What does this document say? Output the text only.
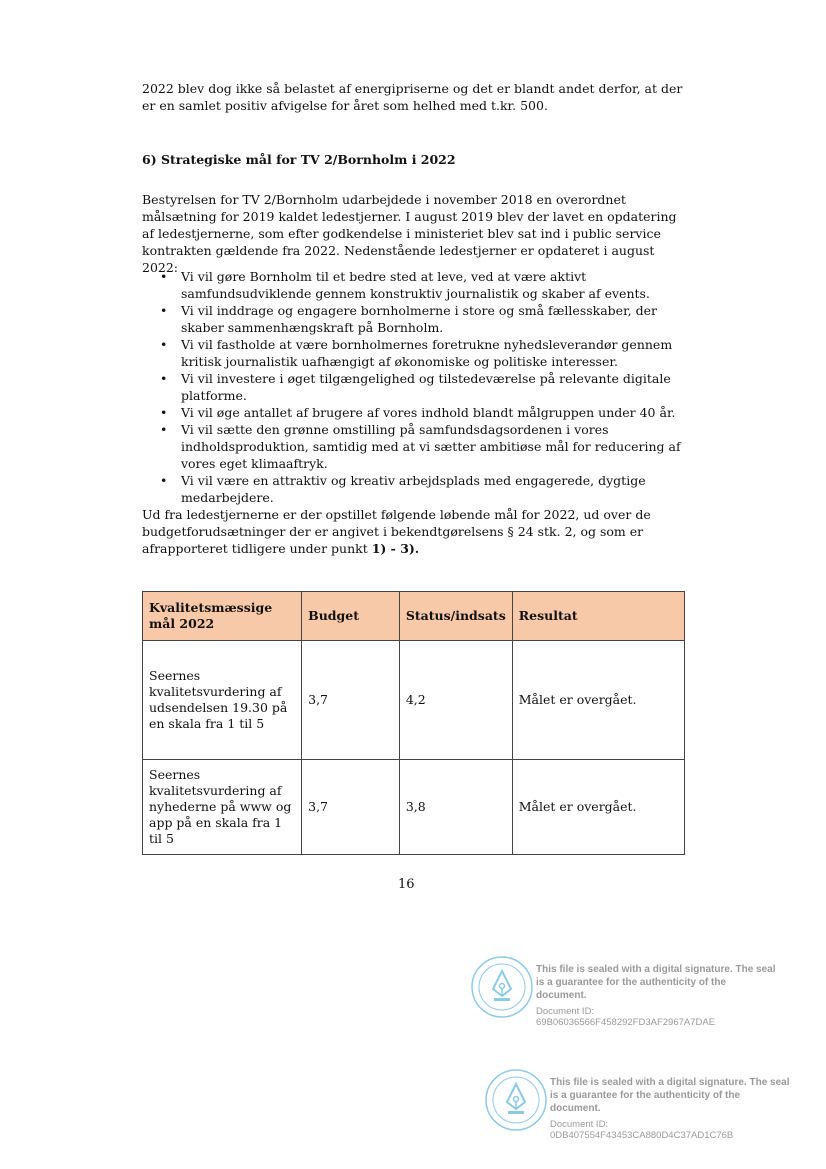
2022 blev dog ikke så belastet af energipriserne og det er blandt andet derfor, at der er en samlet positiv afvigelse for året som helhed med t.kr. 500.

6) Strategiske mål for TV 2/Bornholm i 2022

Bestyrelsen for TV 2/Bornholm udarbejdede i november 2018 en overordnet målsætning for 2019 kaldet ledestjerner. I august 2019 blev der lavet en opdatering af ledestjernerne, som efter godkendelse i ministeriet blev sat ind i public service kontrakten gældende fra 2022. Nedenstående ledestjerner er opdateret i august 2022:

• Vi vil gøre Bornholm til et bedre sted at leve, ved at være aktivt samfundsudviklende gennem konstruktiv journalistik og skaber af events.
• Vi vil inddrage og engagere bornholmerne i store og små fællesskaber, der skaber sammenhængskraft på Bornholm.
• Vi vil fastholde at være bornholmernes foretrukne nyhedsleverandør gennem kritisk journalistik uafhængigt af økonomiske og politiske interesser.
• Vi vil investere i øget tilgængelighed og tilstedeværelse på relevante digitale platforme.
• Vi vil øge antallet af brugere af vores indhold blandt målgruppen under 40 år.
• Vi vil sætte den grønne omstilling på samfundsdagsordenen i vores indholdsproduktion, samtidig med at vi sætter ambitiøse mål for reducering af vores eget klimaaftryk.
• Vi vil være en attraktiv og kreativ arbejdsplads med engagerede, dygtige medarbejdere.

Ud fra ledestjernerne er der opstillet følgende løbende mål for 2022, ud over de budgetforudsætninger der er angivet i bekendtgørelsens § 24 stk. 2, og som er afrapporteret tidligere under punkt 1) - 3).

Kvalitetsmæssige mål 2022	Budget	Status/indsats	Resultat
Seernes kvalitetsvurdering af udsendelsen 19.30 på en skala fra 1 til 5	3,7	4,2	Målet er overgået.
Seernes kvalitetsvurdering af nyhederne på www og app på en skala fra 1 til 5	3,7	3,8	Målet er overgået.
16
This file is sealed with a digital signature. The seal is a guarantee for the authenticity of the document.
Document ID:
69B06036566F458292FD3AF2967A7DAE
This file is sealed with a digital signature. The seal is a guarantee for the authenticity of the document.
Document ID:
0DB407554F43453CA880D4C37AD1C76B
